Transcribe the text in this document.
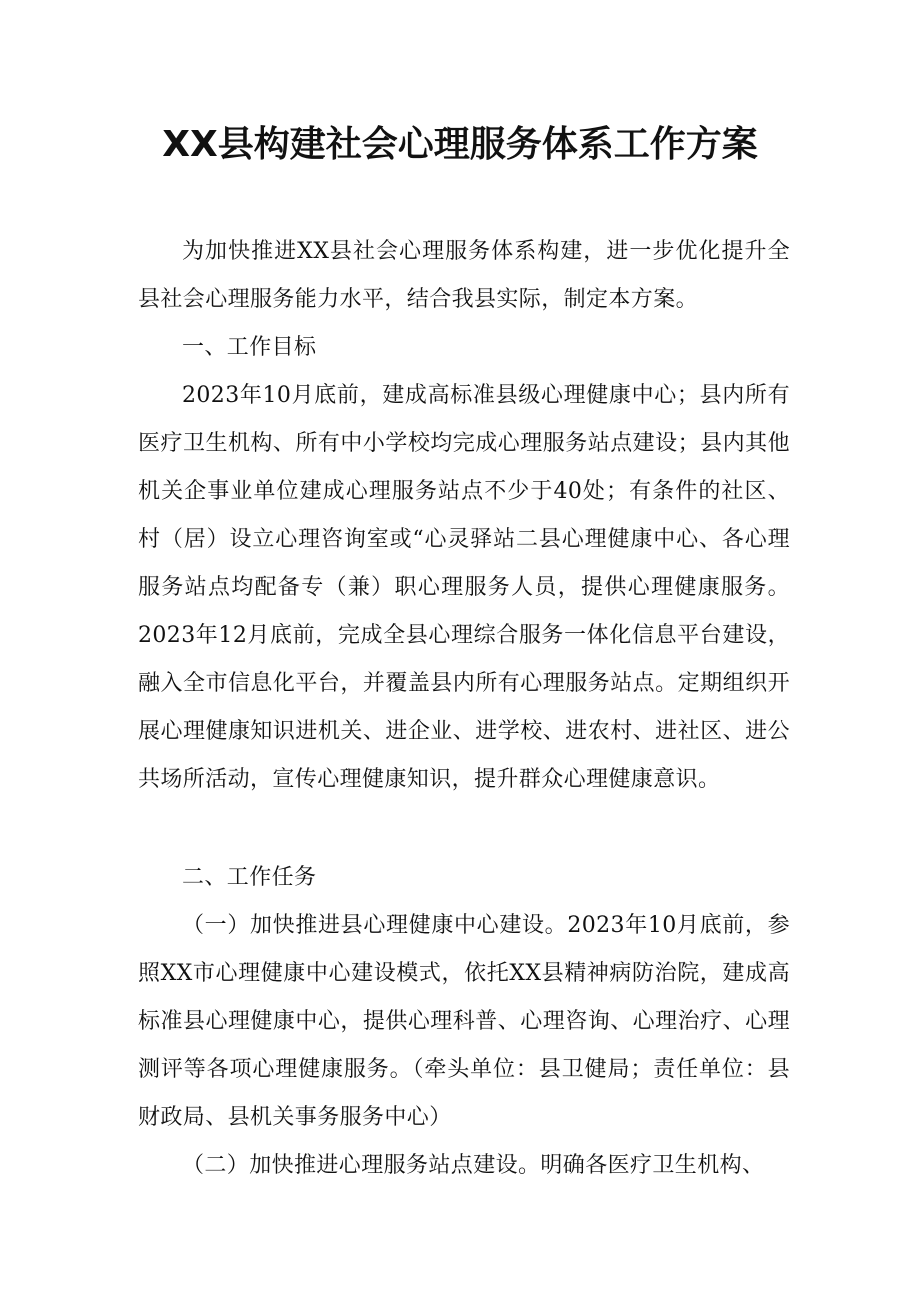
XX县构建社会心理服务体系工作方案

为加快推进XX县社会心理服务体系构建，进一步优化提升全县社会心理服务能力水平，结合我县实际，制定本方案。

一、工作目标

2023年10月底前，建成高标准县级心理健康中心；县内所有医疗卫生机构、所有中小学校均完成心理服务站点建设；县内其他机关企事业单位建成心理服务站点不少于40处；有条件的社区、村（居）设立心理咨询室或“心灵驿站二县心理健康中心、各心理服务站点均配备专（兼）职心理服务人员，提供心理健康服务。2023年12月底前，完成全县心理综合服务一体化信息平台建设，融入全市信息化平台，并覆盖县内所有心理服务站点。定期组织开展心理健康知识进机关、进企业、进学校、进农村、进社区、进公共场所活动，宣传心理健康知识，提升群众心理健康意识。

二、工作任务

（一）加快推进县心理健康中心建设。2023年10月底前，参照XX市心理健康中心建设模式，依托XX县精神病防治院，建成高标准县心理健康中心，提供心理科普、心理咨询、心理治疗、心理测评等各项心理健康服务。（牵头单位：县卫健局；责任单位：县财政局、县机关事务服务中心）

（二）加快推进心理服务站点建设。明确各医疗卫生机构、
